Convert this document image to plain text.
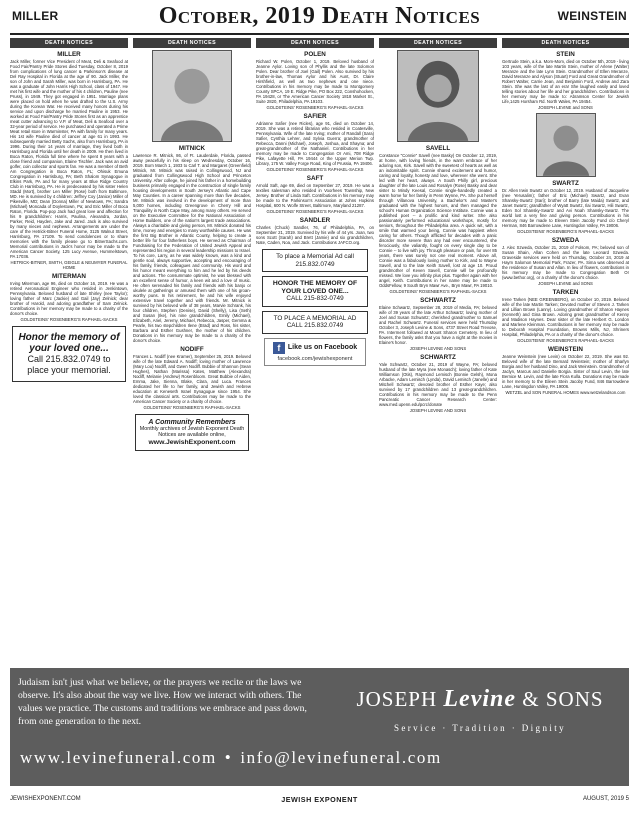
MILLER	October, 2019 Death Notices	WEINSTEIN
DEATH NOTICES
MILLER
Jack Miller, former Vice President of Meat, Deli & Seafood at Food Fair/Pantry Pride Stores died Tuesday, October 8, 2019 from complications of lung cancer & Parkinson's disease at Del Ray Hospital in Florida at the age of 90. Jack Miller, the son of John and Sarah Miller, was born in Harrisburg, PA. He was a graduate of John Harris High School, class of 1947. He met his first wife and the mother of his 4 children, Pauline (nee Pruss), in 1949. They got engaged in 1951. Marriage plans were placed on hold when he was drafted to the U.S. Army during the Korean War. He received many honors during his service and upon discharge he married Pauline in 1953. He worked at Food Fair/Pantry Pride Stores first as an apprentice meat cutter advancing to V.P. of Meat, Deli & Seafood over a 32-year period of service. He purchased and operated a Prime Meat retail store in Warminster, PA with family for many years. His 1st wife Pauline died of cancer at age 61 in 1993. He subsequently married Betty Sachs, also from Harrisburg, PA in 1996. During their 14 years of marriage, they lived both in Harrisburg and Florida until her death in 2009. He then lived in Boca Raton, Florida full time where he spent 8 years with a close friend and companion, Elaine Tischler. Jack was an avid golfer, coin collector and sports fan. He was a member of Beth Am Congregation in Boca Raton, FL; Ohisuk Emuna Congregation in Harrisburg, PA; Beth Shalom Synagogue in Elkins Park, PA and for many years at Blue Ridge Country Club in Harrisburg, PA. He is predeceased by his sister Helen Stadd (Mort), brother Len Miller (Rose) both from Baltimore, MD. He is survived by 4 children: Jeffrey Coy (Janice) Miller of Pikesville, MD; Dean (Donna) Miller of Newtown, PA; Sandra (Michael) Moncada of Doylestown, Pa; and Eric Miller of Boca Raton, Florida. Pop-pop Jack had great love and affection for his 9 grandchildren: Harris, Paulina, Alexandra, Jordan, Parker, Reid, Hayden, Jake and Jared. Jack is also survived by many nieces and nephews. Arrangements are under the care of the Hetrick-Bitner Funeral Home, 3125 Walnut Street, Harrisburg, PA 17109. To send condolences or to share memories with the family please go to BitnerSachs.com. Memorial contributions in Jack's honor may be made to the American Cancer Society, 125 Lucy Avenue, Hummelstown, PA 17036.
HETRICK-BITNER, SMITH, GEIGLE & NEUMYER FUNERAL HOME
MITERMAN
Irving Miterman, age 96, died on October 16, 2019. He was a retired Aeronautical Engineer who resided in Jenkintown, Pennsylvania. Beloved husband of late Shirley (nee Taylor); loving father of Marc (Jackie) and Gail (Jay) Zelnick; dear brother of Harold, and adoring grandfather of Sam Zelnick. Contributions in her memory may be made to a charity of the donor's choice.
GOLDSTEINS' ROSENBERG'S RAPHAEL-SACKS
Honor the memory of your loved one...
Call 215.832.0749 to place your memorial.
DEATH NOTICES
MITNICK
Lawrence R. Mitnick, 86, of Ft. Lauderdale, Florida, passed away peacefully in his sleep on Wednesday, October 16, 2019. Born March 1, 1933 to Carl T. and Margaret (Greenfield) Mitnick, Mr. Mitnick was raised in Collingswood, NJ and graduated from Collingswood High School and Princeton University. After college, he joined his father in a homebuilding business primarily engaged in the construction of single family housing developments in South Jersey's Atlantic and Cape May Counties. In a career spanning more than five decades, Mr. Mitnick was involved in the development of more than 5,000 homes, including Greengrove in Cherry Hill and Tranquility in North Cape May, among many others. He served on the Executive Committee for the National Association of Home Builders, one of the nation's largest trade associations. Always a charitable and giving person, Mr. Mitnick donated his time, money and energies to many worthwhile causes. He was the first Big Brother in Atlantic County, helping to create a better life for four fatherless boys. He served as Chairman of Fundraising for the Federation of United Jewish Appeal and represented his region in several leadership missions to Israel. To his core, Larry, as he was widely known, was a kind and gentle soul, always supportive, accepting and encouraging of his family, friends, colleagues and community. His word and his honor meant everything to him and he led by his deeds and actions. The consummate optimist, he was blessed with an excellent sense of humor, a keen wit and a love of music. He often serenaded his family and friends with his banjo or ukulele at gatherings or amused them with one of his groan-worthy puns. In his retirement, he and his wife enjoyed extensive travel together and with friends. Mr. Mitnick is survived by his beloved wife of 38 years, Marvie Schrank, his four children, Stephen (Denise), David (Shelly), Lisa (Seth) and Susan (Ike), his nine grandchildren, Emily (Michael), Elizabeth, Ariel, Jeremy, Michael, Rebecca, Jasper, Gemma & Pearle, his two stepchildren Ilene (Brad) and Ross, his sister, Barbara and Esther Gushner, the mother of his children. Donations in his memory may be made to a charity of the donor's choice.
NODIFF
Frances L. Nodiff (nee Kramer), September 25, 2019. Beloved wife of the late Edward A. Nodiff; loving mother of Lawrence (Mary Lou) Nodiff, and Gwen Nodiff. Bubbie of Shannon (Sean Hughes), Nathan (Marissa) Kates, Matthew (Alexandra) Nodiff, Melanie (Andrew) Rosenbloom. Great Bubbie of Aiden, Emma, Jake, Sienna, Blake, Clara, and Luca. Frances dedicated her life to her family, and Jewish and Hebrew education at Keneseth Israel Synagogue since 1954. She loved the classical arts. Contributions may be made to the American Cancer Society or a charity of choice.
GOLDSTEINS' ROSENBERG'S RAPHAEL-SACKS
A Community Remembers
Monthly archives of Jewish Exponent Death Notices are available online,
www.JewishExponent.com
DEATH NOTICES
POLEN
Richard W. Polen, October 1, 2019. Beloved husband of Jeanne Aylor. Loving son of Phyllis and the late Solomon Polen. Dear brother of Joel (Gail) Polen. Also survived by his brother-in-law, Thomas Aylor and his Aunt, Dr. Claire Hirshfield, as well as two nephews and one niece. Contributions in his memory may be made to Montgomery County SPCA, 19 E. Ridge Pike, PO Box 222, Conshohocken, PA 19428, or The American Cancer Society 1818 Market St., Suite 2820, Philadelphia, PA 19103.
GOLDSTEINS' ROSENBERG'S RAPHAEL-SACKS
SAFIER
Adrianne Safier (nee Ricles), age 91, died on October 14, 2019. She was a retired librarian who resided in Coatesville, Pennsylvania. Wife of the late Irving; mother of Randall (Sara) Safier, Cynthia Lehrer, and Sylvia Guerra; grandmother of Rebecca, Danni (Michael), Joseph, Joshua, and Shayna; and great-grandmother of the Nathaniel. Contributions in her memory may be made to Congregation Or Ami, 708 Ridge Pike, Lafayette Hill, PA 19444 or the Upper Merion Twp. Library, 175 W. Valley Forge Road, King of Prussia, PA 19406.
GOLDSTEINS' ROSENBERG'S RAPHAEL-SACKS
SAFT
Arnold Saft, age 69, died on September 27, 2019. He was a textiles salesman who resided in Voorhees Township, New Jersey. Brother of Linda Saft. Contributions in his memory may be made to the Parkinson's Association at Johns Hopkins Hospital, 600 N. Wolfe Street, Baltimore, Maryland 21287.
GOLDSTEINS' ROSENBERG'S RAPHAEL-SACKS
SANDLER
Charles (Chuck) Sandler, 76, of Philadelphia, PA, on September 21, 2019. Survived by his wife of 44 yrs. Joan, two sons Scott (Sarah) and Brett (Jamie) and six grandchildren, Nate, Caden, Noa, and Jack. Contributions JAFCO.org.
To place a Memorial Ad call 215.832.0749
HONOR THE MEMORY OF YOUR LOVED ONE...
CALL 215-832-0749
TO PLACE A MEMORIAL AD CALL 215.832.0749
f Like us on Facebook
facebook.com/jewishexponent
DEATH NOTICES
SAVELL
Constance "Connie" Savell (nee Basky) On October 12, 2019, at home, with loving friends, in the warm embrace of her adoring son, Kirk. Savell with the sweetest of hearts as well as an indomitable spirit. Connie shared excitement and humor, caring and loyalty, honesty and love, wherever she went. She led with her heart, always. A South Philly girl, precious daughter of the late Louis and Rosalyn (Rose) Basky and dear sister to Mindy Keesal, Connie single-handedly created a warm home for her family in Penn Wynne, PA. She put herself through Villanova University, a Bachelor's and Master's graduated with the highest honors, and then managed the school's Human Organization Science Institute. Connie was a published poet -- a prolific and kind writer. She also passionately performed educational workshops, mostly for seniors, throughout the Philadelphia area. A quick wit, with a smile that warmed your being, Connie was happiest when caring for others. Though afflicted for decades with a panic disorder more severe than any had ever encountered, she ferociously, she valiantly, fought on every single day to be Connie -- to live with joy. Through pleasure or pain, for over 85 years, there was surely not one real moment. Above all, Connie was a fabulously loving mother to Kirk, and to Wayne Savell, and to the late Keith Savell, lost at age 10. Proud grandmother of Keven Savell, Connie will be profoundly missed. We love you infinity plus plus. Together again with her angel, Keith. Contributions in her name may be made to OddsFellow, 9 South Bryn Mawr Ave., Bryn Mawr, PA 19010.
GOLDSTEINS' ROSENBERG'S RAPHAEL-SACKS
SCHWARTZ
Elaine Schwartz, September 28, 2019 of Media, PA; beloved wife of 39 years of the late Arthur Schwartz; loving mother of Joel and Susan Schwartz; cherished grandmother to Samuel and Rachel Schwartz. Funeral services were held Thursday October 3, Joseph Levine & Sons, 4737 Street Road Trevose, PA. Interment followed at Mount Sharon Cemetery. In lieu of flowers, the family asks that you have a night at the movies in Elaine's honor.
JOSEPH LEVINE AND SONS
SCHWARTZ
Yale Schwartz, October 21, 2019 of Wayne, PA; beloved husband of the late Myra (nee Monasch); loving father of Kate Williamson (Otis), Raymond Lemisch (Bonnie Gelsh), Mona Arbacke, Adam Lemisch (Lynda), David Lemisch (Janelle) and Mitchell Schwartz; devoted brother of Esther Kaye; also survived by 17 grandchildren and 13 great-grandchildren. Contributions in his memory may be made to the Penn Pancreatic Cancer Research Center: www.med.upenn.edu/pcrc/donate
JOSEPH LEVINE AND SONS
DEATH NOTICES
STEIN
Gertrude Stein, a.k.a. Mom-Mom, died on October 5th, 2019 - living 103 years, wife of the late Martin Stein, mother of Arlene (Walter) Meranze and the late Lynn Stein. Grandmother of Ellen Meranze, David Meranze and Alyson (Stuart) Ford and Great Grandmother of Robert Walter, Carrie Jean, and Benjamin Ford, Andrew and Zara Stein. She was the last of an era! She laughed easily and loved telling stories about her life and her grandchildren. Contributions in her memory may be made to: Abramson Center for Jewish Life,1425 Horsham Rd. North Wales, PA 19454.
JOSEPH LEVINE and SONS
SWARTZ
Dr. Allen Irwin Swartz on October 12, 2019. Husband of Jacqueline (nee Yerusalim); father of Eric (Michael) Swartz, and Evan Shansky-Swartz (Sari); brother of Barry (late Maida) Swartz, and Janet Swartz; grandfather of Wyatt Swartz, Ilai Swartz, Hili Swartz, Eden Sol Shansky-Swartz and Avi Noah Shansky-Swartz. The world lost a very fine and giving person. Contributions in his memory may be made to Eleven Stein Jacoby Fund c/o Cheryl Herman, 846 Barrowdene Lane, Huntingdon Valley, PA 19006.
GOLDSTEINS' ROSENBERG'S RAPHAEL-SACKS
SZWEDA
J. Alec Szweda, October 21, 2019 of Folsom, PA; beloved son of Susan Shain, Allan Cohen and the late Leonard Szweda. Graveside services were held on Thursday, October 24, 2019 at Haym Salomon Memorial Park, Frazer, PA. Sima was observed at the residence of Susan and Allan. In lieu of flowers, contributions in his memory may be made to Congregation Beth Or (www.bethor.org), or a charity of the donor's choice.
JOSEPH LEVINE and SONS
TARKEN
Irene Tarken (NEE GREENBERG), on October 10, 2019. Beloved wife of the late Martin Tarken; Devoted mother of Steven J. Tarken and Lillian Brown (Lanny). Loving grandmother of Sharon Haynes (Kenneth) and Gina Brown. Adoring great grandmother of Kenny and Madison Haynes. Dear sister of the late Herbert G. London and Marlene Kleinman. Contributions in her memory may be made to Deborah Hospital Foundation, Browns Mills, NJ, Shriners Hospital, Philadelphia, PA or a charity of the donor's choice.
GOLDSTEINS' ROSENBERG'S RAPHAEL-SACKS
WEINSTEIN
Jeanne Weinstein (nee Levin) on October 22, 2019. She was 92. Beloved wife of the late Bernard Weinstein; mother of Sharlyn Borgia and her husband Dino, and Jack Weinstein. Grandmother of Jaclyn, Marcus and Danielle Borgia. Sister of Saul Levin, the late Bernice M. Levin, and the late Flora Kulla. Donations may be made in her memory to the Eileen Stein Jacoby Fund, 846 Barrowdene Lane, Huntingdon Valley, PA 19006.
WETZEL and SON FUNERAL HOMES www.wetzelandson.com
Judaism isn't just what we believe, or the prayers we recite or the laws we observe. It's also about the way we live. How we interact with others. The values we practice. The customs and traditions we embrace and pass down, from one generation to the next.
JOSEPH Levine & SONS
Service · Tradition · Dignity
www.levinefuneral.com • info@levinefuneral.com
JEWISHEXPONENT.COM	JEWISH EXPONENT	AUGUST, 2019 5
